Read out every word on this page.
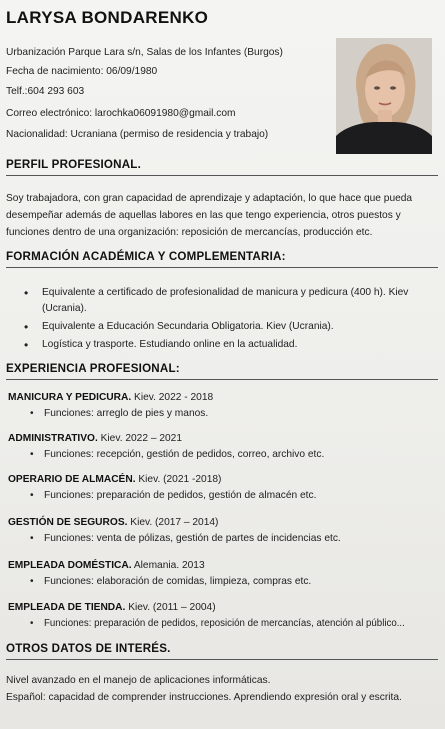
LARYSA BONDARENKO
Urbanización Parque Lara s/n, Salas de los Infantes (Burgos)
Fecha de nacimiento: 06/09/1980
Telf.:604 293 603
Correo electrónico: larochka06091980@gmail.com
Nacionalidad: Ucraniana (permiso de residencia y trabajo)
PERFIL PROFESIONAL.
Soy trabajadora, con gran capacidad de aprendizaje y adaptación, lo que hace que pueda
desempeñar además de aquellas labores en las que tengo experiencia, otros puestos y
funciones dentro de una organización: reposición de mercancías, producción etc.
FORMACIÓN ACADÉMICA Y COMPLEMENTARIA:
• Equivalente a certificado de profesionalidad de manicura y pedicura (400 h). Kiev (Ucrania).
• Equivalente a Educación Secundaria Obligatoria. Kiev (Ucrania).
• Logística y trasporte. Estudiando online en la actualidad.
EXPERIENCIA PROFESIONAL:
MANICURA Y PEDICURA. Kiev. 2022 - 2018
• Funciones: arreglo de pies y manos.
ADMINISTRATIVO. Kiev. 2022 – 2021
• Funciones: recepción, gestión de pedidos, correo, archivo etc.
OPERARIO DE ALMACÉN. Kiev. (2021 -2018)
• Funciones: preparación de pedidos, gestión de almacén etc.
GESTIÓN DE SEGUROS. Kiev. (2017 – 2014)
• Funciones: venta de pólizas, gestión de partes de incidencias etc.
EMPLEADA DOMÉSTICA. Alemania. 2013
• Funciones: elaboración de comidas, limpieza, compras etc.
EMPLEADA DE TIENDA. Kiev. (2011 – 2004)
• Funciones: preparación de pedidos, reposición de mercancías, atención al público...
OTROS DATOS DE INTERÉS.
Nivel avanzado en el manejo de aplicaciones informáticas.
Español: capacidad de comprender instrucciones. Aprendiendo expresión oral y escrita.
